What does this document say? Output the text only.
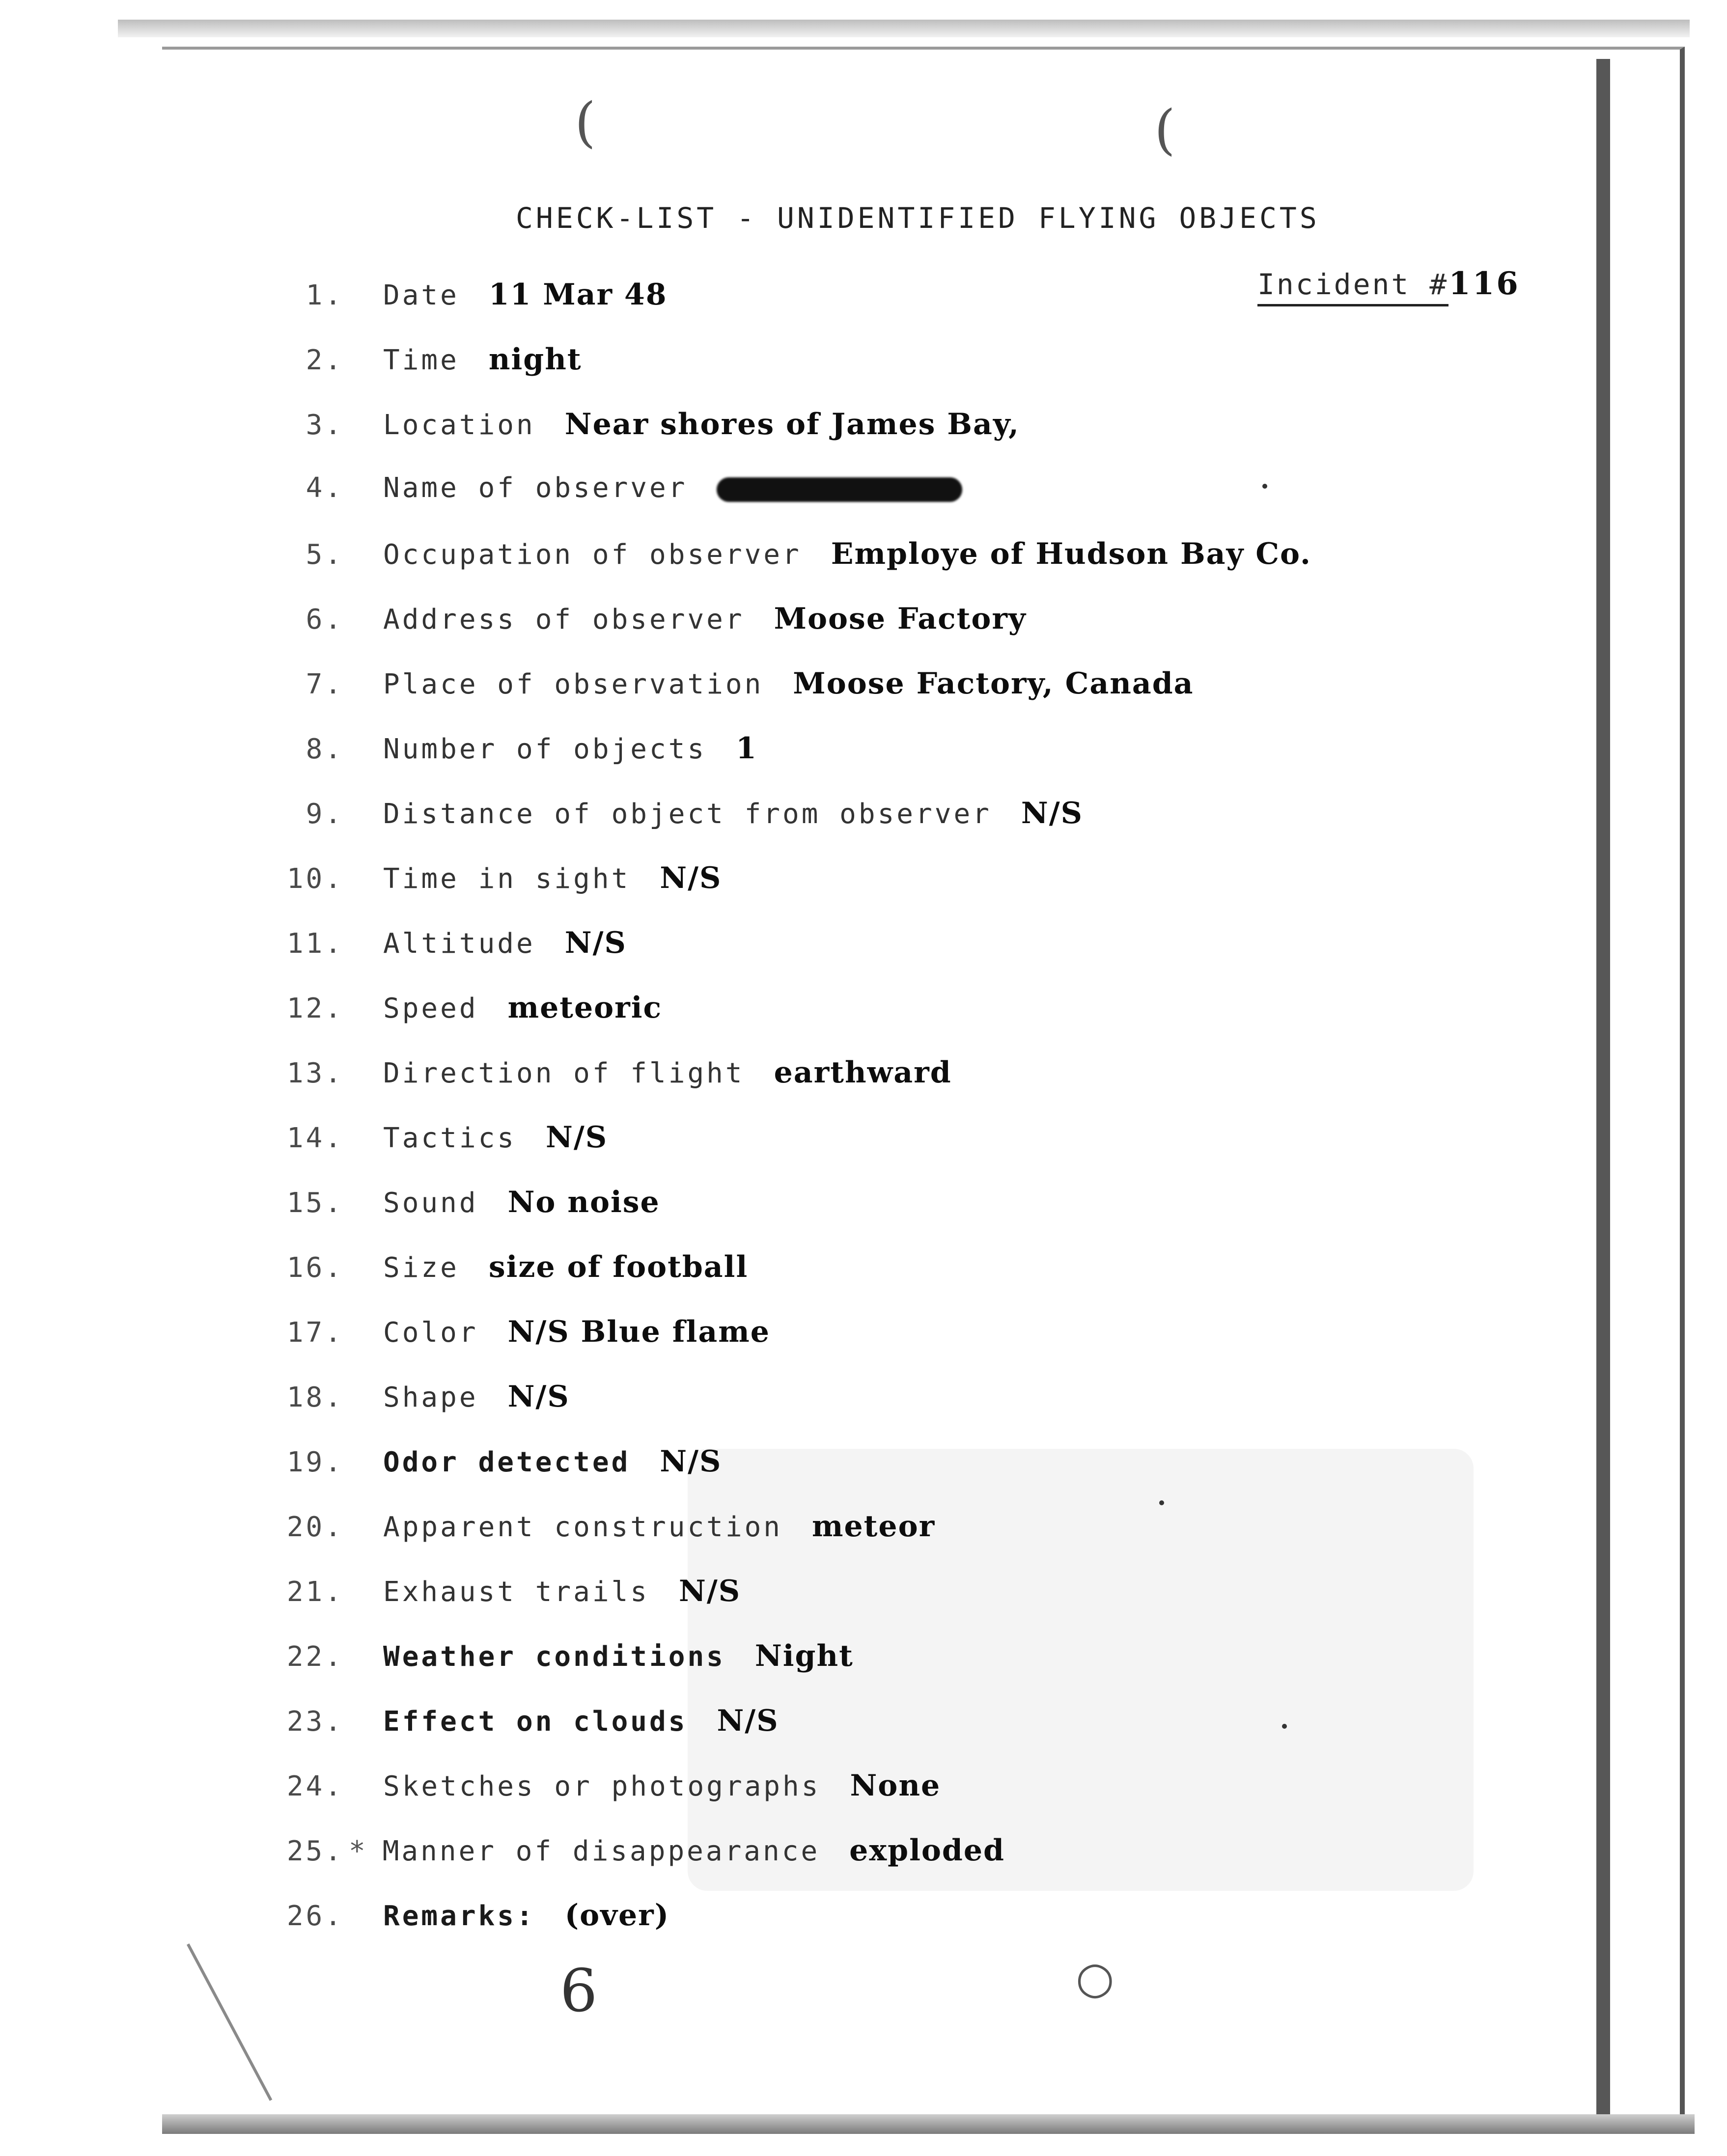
(	(
○
CHECK-LIST - UNIDENTIFIED FLYING OBJECTS
Incident #116
1. Date 11 Mar 48
2. Time night
3. Location Near shores of James Bay,
4. Name of observer
5. Occupation of observer Employe of Hudson Bay Co.
6. Address of observer Moose Factory
7. Place of observation Moose Factory, Canada
8. Number of objects 1
9. Distance of object from observer N/S
10. Time in sight N/S
11. Altitude N/S
12. Speed meteoric
13. Direction of flight earthward
14. Tactics N/S
15. Sound No noise
16. Size size of football
17. Color N/S Blue flame
18. Shape N/S
19. Odor detected N/S
20. Apparent construction meteor
21. Exhaust trails N/S
22. Weather conditions Night
23. Effect on clouds N/S
24. Sketches or photographs None
25. * Manner of disappearance exploded
26. Remarks: (over)
6
